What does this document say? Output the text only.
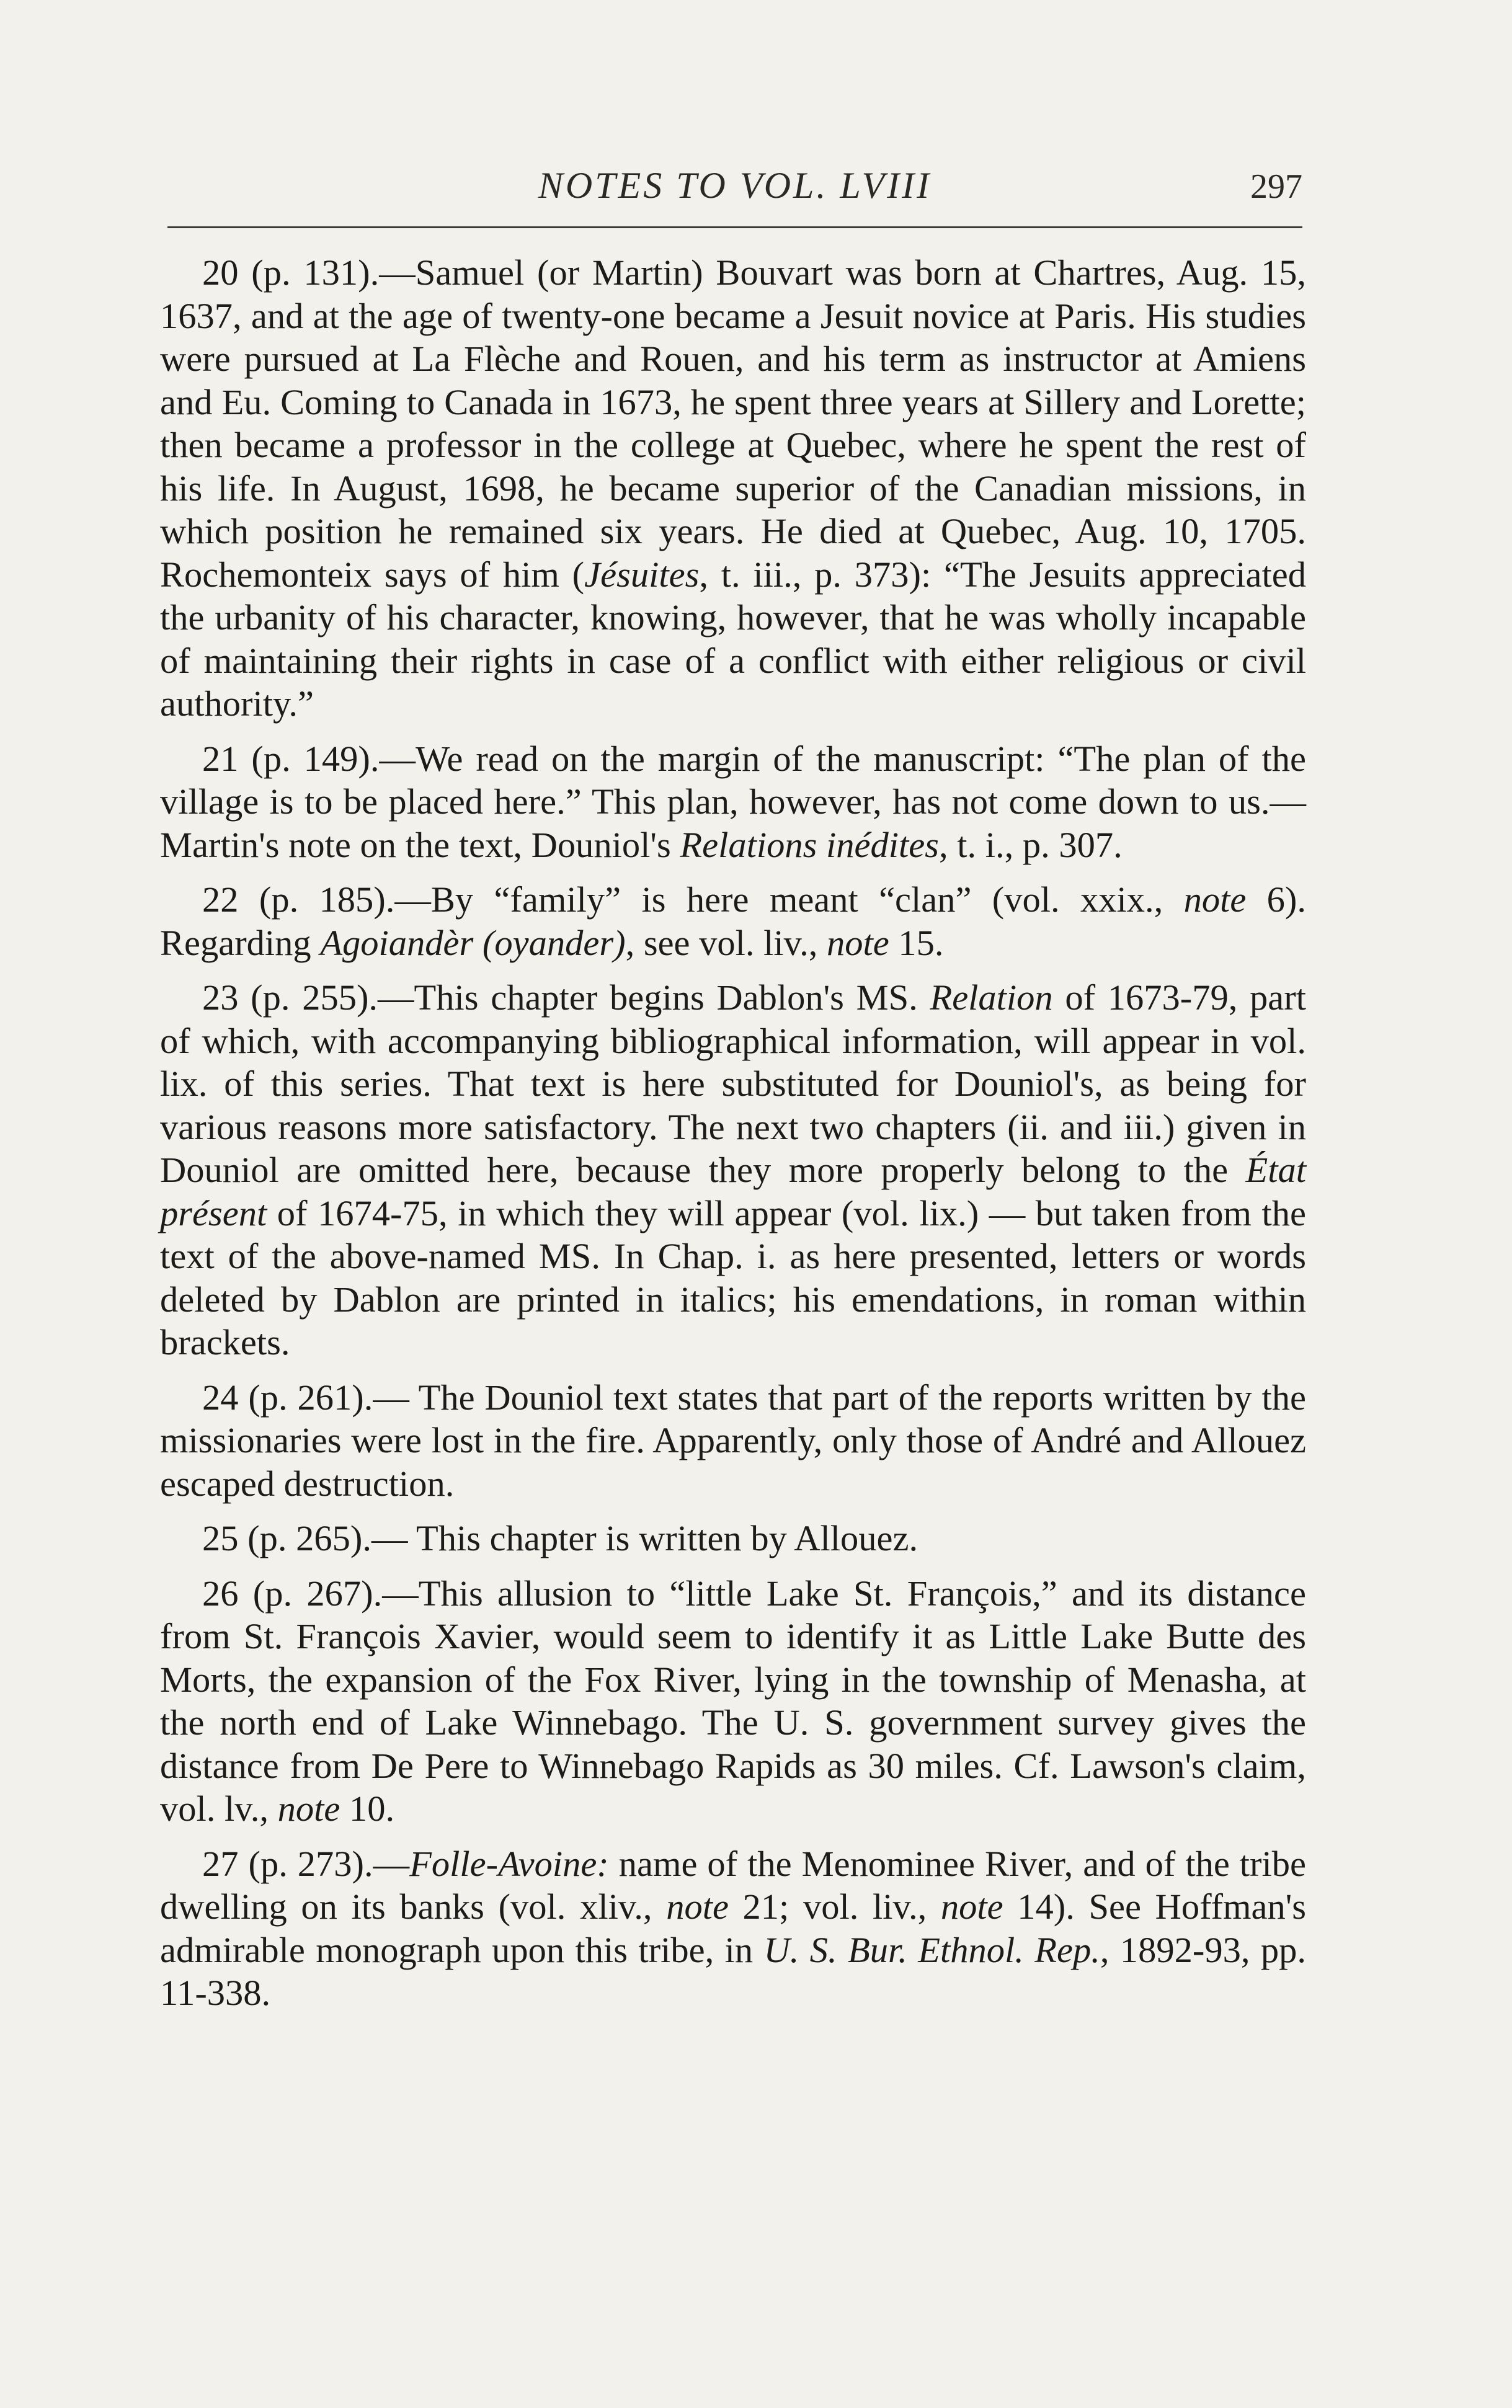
NOTES TO VOL. LVIII	297

20 (p. 131).—Samuel (or Martin) Bouvart was born at Chartres, Aug. 15, 1637, and at the age of twenty-one became a Jesuit novice at Paris. His studies were pursued at La Flèche and Rouen, and his term as instructor at Amiens and Eu. Coming to Canada in 1673, he spent three years at Sillery and Lorette; then became a professor in the college at Quebec, where he spent the rest of his life. In August, 1698, he became superior of the Canadian missions, in which position he remained six years. He died at Quebec, Aug. 10, 1705. Rochemonteix says of him (Jésuites, t. iii., p. 373): “The Jesuits appreciated the urbanity of his character, knowing, however, that he was wholly incapable of maintaining their rights in case of a conflict with either religious or civil authority.”

21 (p. 149).—We read on the margin of the manuscript: “The plan of the village is to be placed here.” This plan, however, has not come down to us.—Martin's note on the text, Douniol's Relations inédites, t. i., p. 307.

22 (p. 185).—By “family” is here meant “clan” (vol. xxix., note 6). Regarding Agoiandèr (oyander), see vol. liv., note 15.

23 (p. 255).—This chapter begins Dablon's MS. Relation of 1673-79, part of which, with accompanying bibliographical information, will appear in vol. lix. of this series. That text is here substituted for Douniol's, as being for various reasons more satisfactory. The next two chapters (ii. and iii.) given in Douniol are omitted here, because they more properly belong to the État présent of 1674-75, in which they will appear (vol. lix.) — but taken from the text of the above-named MS. In Chap. i. as here presented, letters or words deleted by Dablon are printed in italics; his emendations, in roman within brackets.

24 (p. 261).— The Douniol text states that part of the reports written by the missionaries were lost in the fire. Apparently, only those of André and Allouez escaped destruction.

25 (p. 265).— This chapter is written by Allouez.

26 (p. 267).—This allusion to “little Lake St. François,” and its distance from St. François Xavier, would seem to identify it as Little Lake Butte des Morts, the expansion of the Fox River, lying in the township of Menasha, at the north end of Lake Winnebago. The U. S. government survey gives the distance from De Pere to Winnebago Rapids as 30 miles. Cf. Lawson's claim, vol. lv., note 10.

27 (p. 273).—Folle-Avoine: name of the Menominee River, and of the tribe dwelling on its banks (vol. xliv., note 21; vol. liv., note 14). See Hoffman's admirable monograph upon this tribe, in U. S. Bur. Ethnol. Rep., 1892-93, pp. 11-338.
